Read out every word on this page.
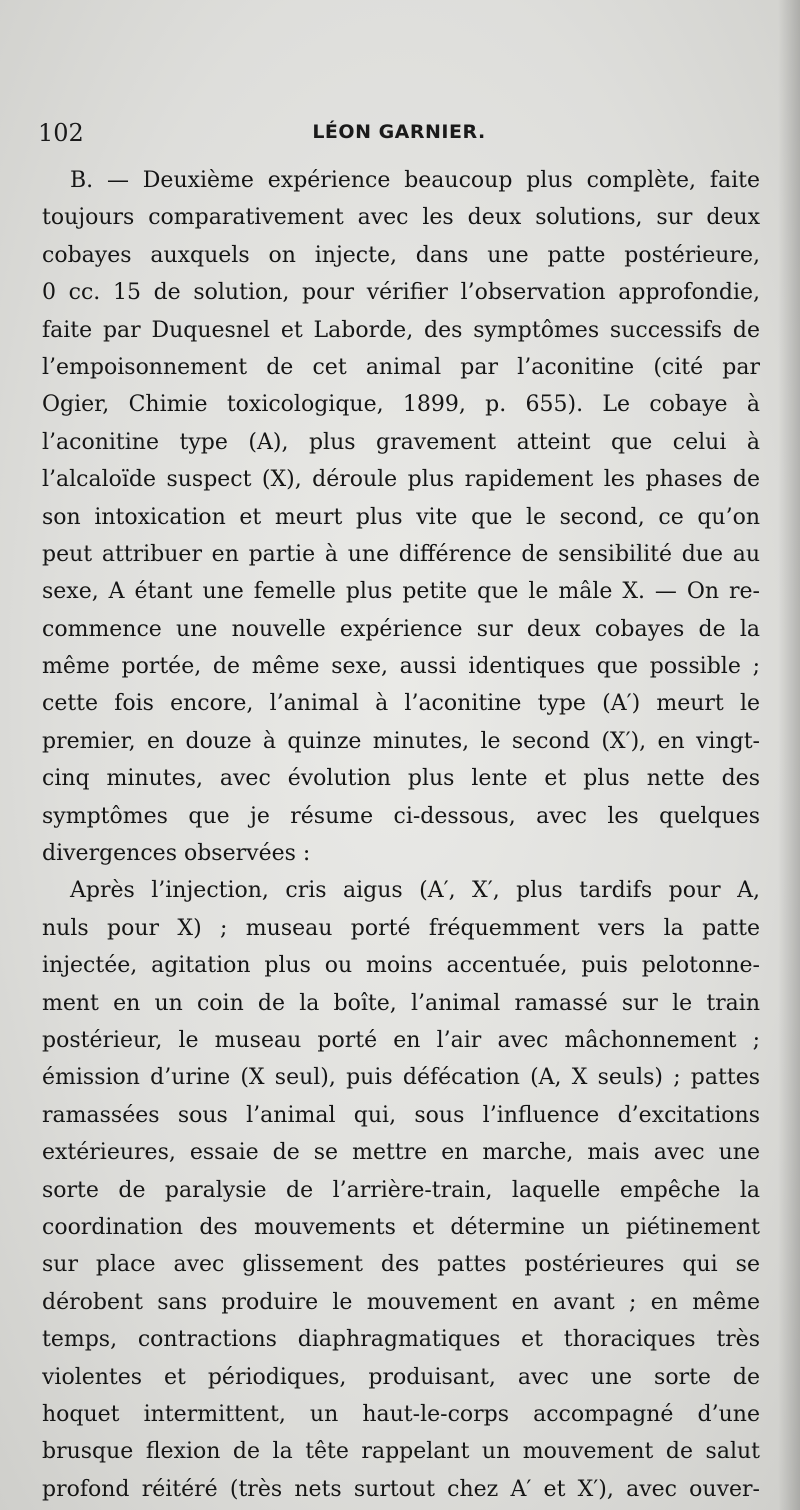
102	LÉON GARNIER.
B. — Deuxième expérience beaucoup plus complète, faite
toujours comparativement avec les deux solutions, sur deux
cobayes auxquels on injecte, dans une patte postérieure,
0 cc. 15 de solution, pour vérifier l’observation approfondie,
faite par Duquesnel et Laborde, des symptômes successifs de
l’empoisonnement de cet animal par l’aconitine (cité par
Ogier, Chimie toxicologique, 1899, p. 655). Le cobaye à
l’aconitine type (A), plus gravement atteint que celui à
l’alcaloïde suspect (X), déroule plus rapidement les phases de
son intoxication et meurt plus vite que le second, ce qu’on
peut attribuer en partie à une différence de sensibilité due au
sexe, A étant une femelle plus petite que le mâle X. — On re-
commence une nouvelle expérience sur deux cobayes de la
même portée, de même sexe, aussi identiques que possible ;
cette fois encore, l’animal à l’aconitine type (A′) meurt le
premier, en douze à quinze minutes, le second (X′), en vingt-
cinq minutes, avec évolution plus lente et plus nette des
symptômes que je résume ci-dessous, avec les quelques
divergences observées :
Après l’injection, cris aigus (A′, X′, plus tardifs pour A,
nuls pour X) ; museau porté fréquemment vers la patte
injectée, agitation plus ou moins accentuée, puis pelotonne-
ment en un coin de la boîte, l’animal ramassé sur le train
postérieur, le museau porté en l’air avec mâchonnement ;
émission d’urine (X seul), puis défécation (A, X seuls) ; pattes
ramassées sous l’animal qui, sous l’influence d’excitations
extérieures, essaie de se mettre en marche, mais avec une
sorte de paralysie de l’arrière-train, laquelle empêche la
coordination des mouvements et détermine un piétinement
sur place avec glissement des pattes postérieures qui se
dérobent sans produire le mouvement en avant ; en même
temps, contractions diaphragmatiques et thoraciques très
violentes et périodiques, produisant, avec une sorte de
hoquet intermittent, un haut-le-corps accompagné d’une
brusque flexion de la tête rappelant un mouvement de salut
profond réitéré (très nets surtout chez A′ et X′), avec ouver-
